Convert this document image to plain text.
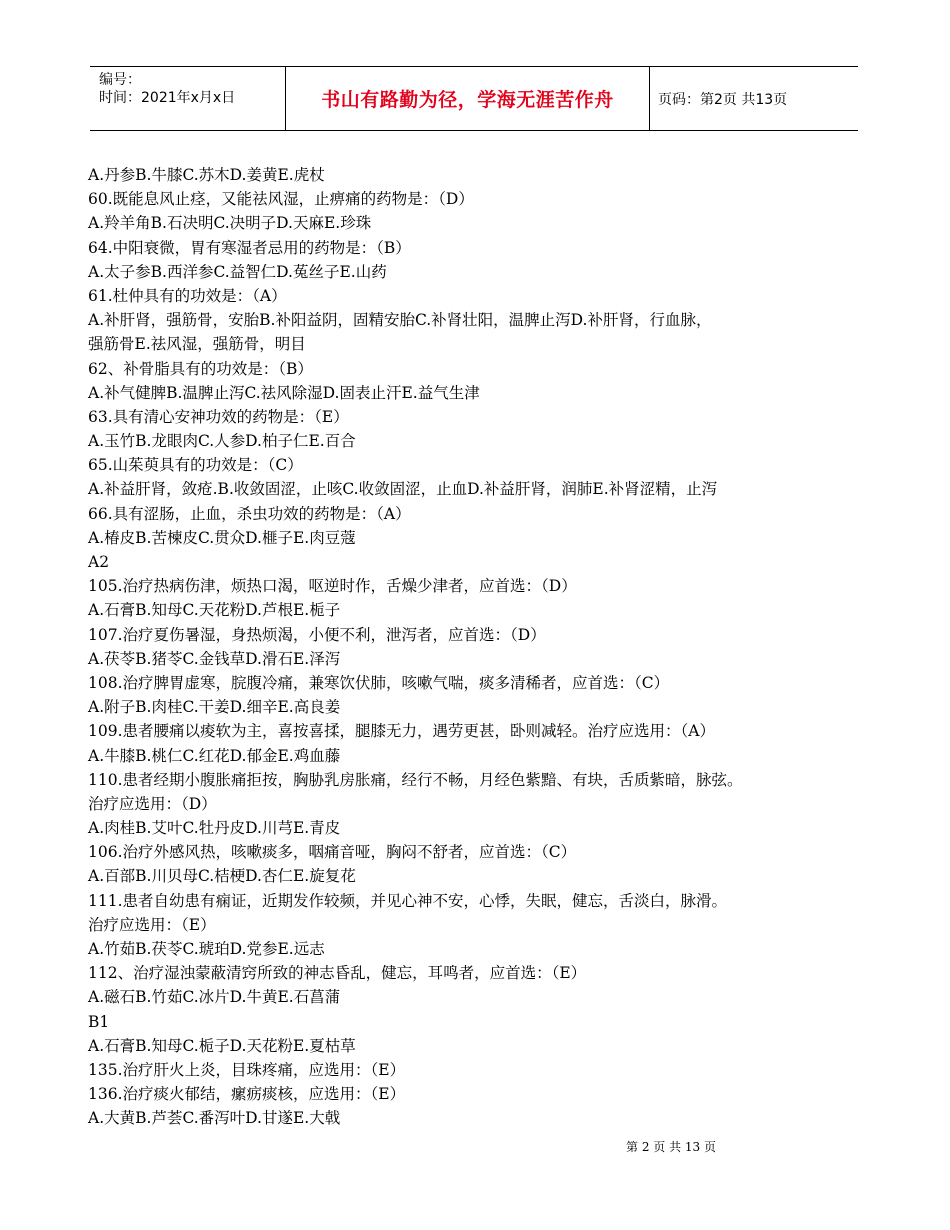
编号：
时间：2021年x月x日	书山有路勤为径，学海无涯苦作舟	页码：第2页 共13页
A.丹参B.牛膝C.苏木D.姜黄E.虎杖
60.既能息风止痉，又能祛风湿，止痹痛的药物是：（D）
A.羚羊角B.石决明C.决明子D.天麻E.珍珠
64.中阳衰微，胃有寒湿者忌用的药物是：（B）
A.太子参B.西洋参C.益智仁D.菟丝子E.山药
61.杜仲具有的功效是：（A）
A.补肝肾，强筋骨，安胎B.补阳益阴，固精安胎C.补肾壮阳，温脾止泻D.补肝肾，行血脉，
强筋骨E.祛风湿，强筋骨，明目
62、补骨脂具有的功效是：（B）
A.补气健脾B.温脾止泻C.祛风除湿D.固表止汗E.益气生津
63.具有清心安神功效的药物是：（E）
A.玉竹B.龙眼肉C.人参D.柏子仁E.百合
65.山茱萸具有的功效是：（C）
A.补益肝肾，敛疮.B.收敛固涩，止咳C.收敛固涩，止血D.补益肝肾，润肺E.补肾涩精，止泻
66.具有涩肠，止血，杀虫功效的药物是：（A）
A.椿皮B.苦楝皮C.贯众D.榧子E.肉豆蔻
A2
105.治疗热病伤津，烦热口渴，呕逆时作，舌燥少津者，应首选：（D）
A.石膏B.知母C.天花粉D.芦根E.栀子
107.治疗夏伤暑湿，身热烦渴，小便不利，泄泻者，应首选：（D）
A.茯苓B.猪苓C.金钱草D.滑石E.泽泻
108.治疗脾胃虚寒，脘腹冷痛，兼寒饮伏肺，咳嗽气喘，痰多清稀者，应首选：（C）
A.附子B.肉桂C.干姜D.细辛E.高良姜
109.患者腰痛以痠软为主，喜按喜揉，腿膝无力，遇劳更甚，卧则减轻。治疗应选用：（A）
A.牛膝B.桃仁C.红花D.郁金E.鸡血藤
110.患者经期小腹胀痛拒按，胸胁乳房胀痛，经行不畅，月经色紫黯、有块，舌质紫暗，脉弦。
治疗应选用：（D）
A.肉桂B.艾叶C.牡丹皮D.川芎E.青皮
106.治疗外感风热，咳嗽痰多，咽痛音哑，胸闷不舒者，应首选：（C）
A.百部B.川贝母C.桔梗D.杏仁E.旋复花
111.患者自幼患有痫证，近期发作较频，并见心神不安，心悸，失眠，健忘，舌淡白，脉滑。
治疗应选用：（E）
A.竹茹B.茯苓C.琥珀D.党参E.远志
112、治疗湿浊蒙蔽清窍所致的神志昏乱，健忘，耳鸣者，应首选：（E）
A.磁石B.竹茹C.冰片D.牛黄E.石菖蒲
B1
A.石膏B.知母C.栀子D.天花粉E.夏枯草
135.治疗肝火上炎，目珠疼痛，应选用：（E）
136.治疗痰火郁结，瘰疬痰核，应选用：（E）
A.大黄B.芦荟C.番泻叶D.甘遂E.大戟
第 2 页 共 13 页
